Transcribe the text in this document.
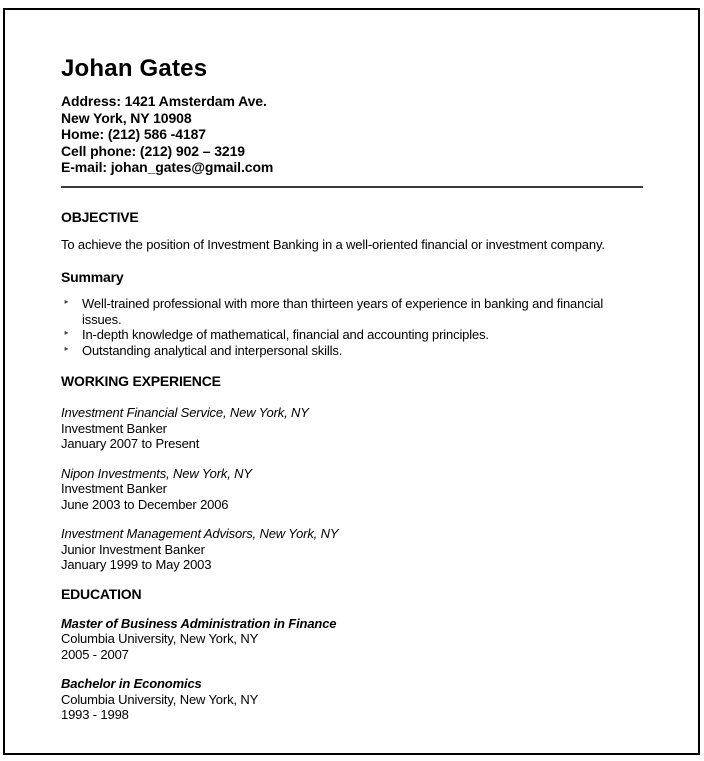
Johan Gates
Address: 1421 Amsterdam Ave.
New York, NY 10908
Home: (212) 586 -4187
Cell phone: (212) 902 – 3219
E-mail: johan_gates@gmail.com
OBJECTIVE
To achieve the position of Investment Banking in a well-oriented financial or investment company.
Summary
‣ Well-trained professional with more than thirteen years of experience in banking and financial issues.
‣ In-depth knowledge of mathematical, financial and accounting principles.
‣ Outstanding analytical and interpersonal skills.
WORKING EXPERIENCE
Investment Financial Service, New York, NY
Investment Banker
January 2007 to Present
Nipon Investments, New York, NY
Investment Banker
June 2003 to December 2006
Investment Management Advisors, New York, NY
Junior Investment Banker
January 1999 to May 2003
EDUCATION
Master of Business Administration in Finance
Columbia University, New York, NY
2005 - 2007
Bachelor in Economics
Columbia University, New York, NY
1993 - 1998
